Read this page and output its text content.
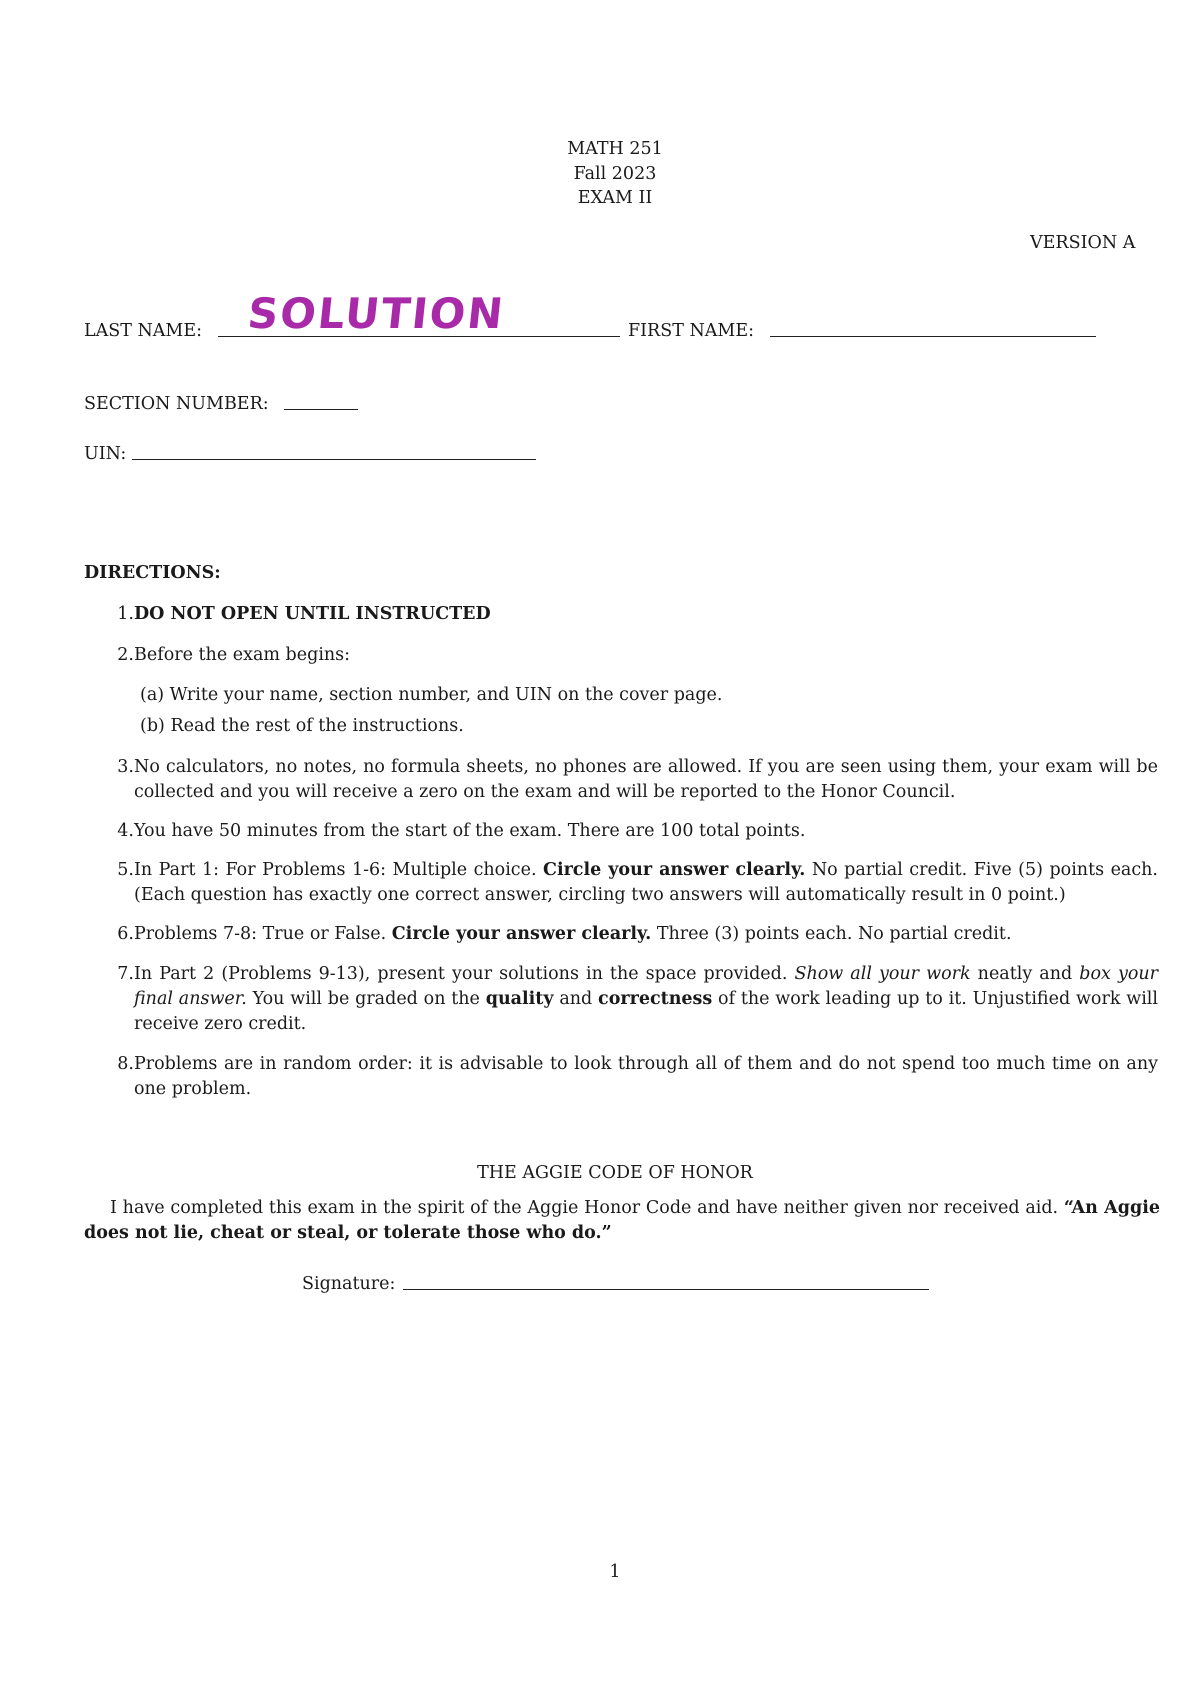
MATH 251
Fall 2023
EXAM II
VERSION A
LAST NAME: SOLUTION	FIRST NAME:
SECTION NUMBER:
UIN:
DIRECTIONS:
1. DO NOT OPEN UNTIL INSTRUCTED
2. Before the exam begins:
(a) Write your name, section number, and UIN on the cover page.
(b) Read the rest of the instructions.
3. No calculators, no notes, no formula sheets, no phones are allowed. If you are seen using them, your exam will be collected and you will receive a zero on the exam and will be reported to the Honor Council.
4. You have 50 minutes from the start of the exam. There are 100 total points.
5. In Part 1: For Problems 1-6: Multiple choice. Circle your answer clearly. No partial credit. Five (5) points each. (Each question has exactly one correct answer, circling two answers will automatically result in 0 point.)
6. Problems 7-8: True or False. Circle your answer clearly. Three (3) points each. No partial credit.
7. In Part 2 (Problems 9-13), present your solutions in the space provided. Show all your work neatly and box your final answer. You will be graded on the quality and correctness of the work leading up to it. Unjustified work will receive zero credit.
8. Problems are in random order: it is advisable to look through all of them and do not spend too much time on any one problem.
THE AGGIE CODE OF HONOR
I have completed this exam in the spirit of the Aggie Honor Code and have neither given nor received aid. “An Aggie does not lie, cheat or steal, or tolerate those who do.”
Signature:
1
